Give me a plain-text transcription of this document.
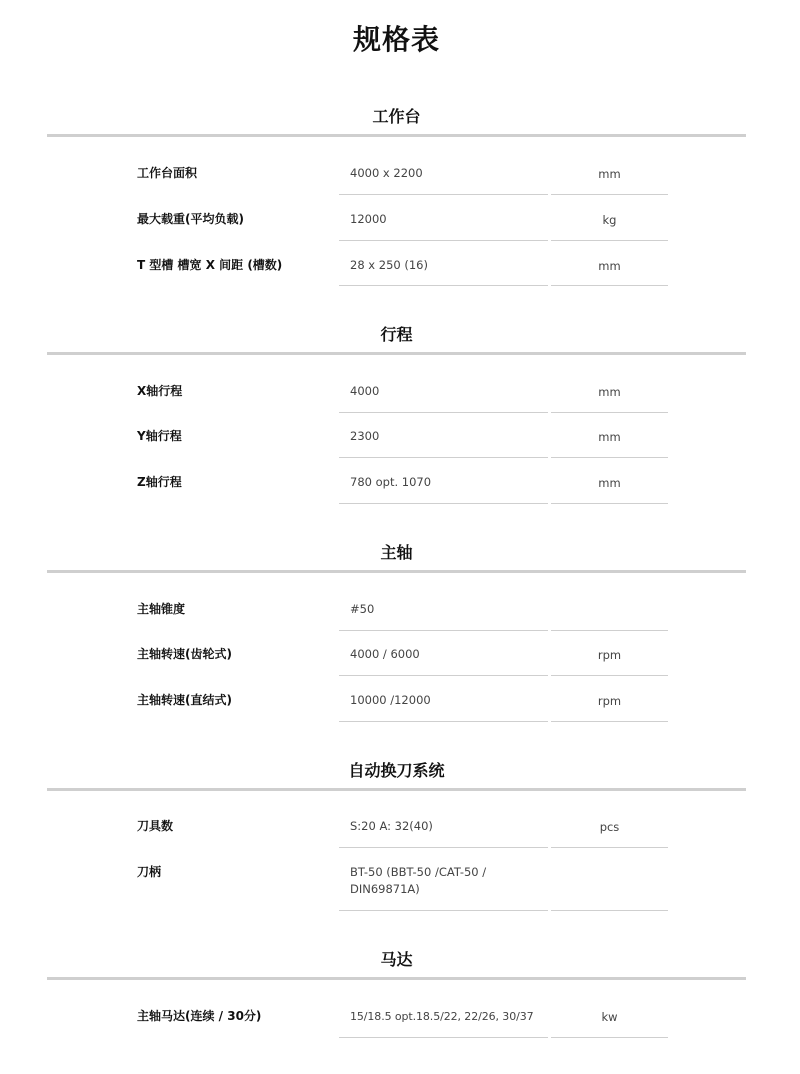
规格表
工作台
工作台面积	4000 x 2200	mm
最大载重(平均负载)	12000	kg
T 型槽 槽宽 X 间距 (槽数)	28 x 250 (16)	mm
行程
X轴行程	4000	mm
Y轴行程	2300	mm
Z轴行程	780 opt. 1070	mm
主轴
主轴锥度	#50
主轴转速(齿轮式)	4000 / 6000	rpm
主轴转速(直结式)	10000 /12000	rpm
自动换刀系统
刀具数	S:20 A: 32(40)	pcs
刀柄	BT-50 (BBT-50 /CAT-50 / DIN69871A)
马达
主轴马达(连续 / 30分)	15/18.5 opt.18.5/22, 22/26, 30/37	kw
